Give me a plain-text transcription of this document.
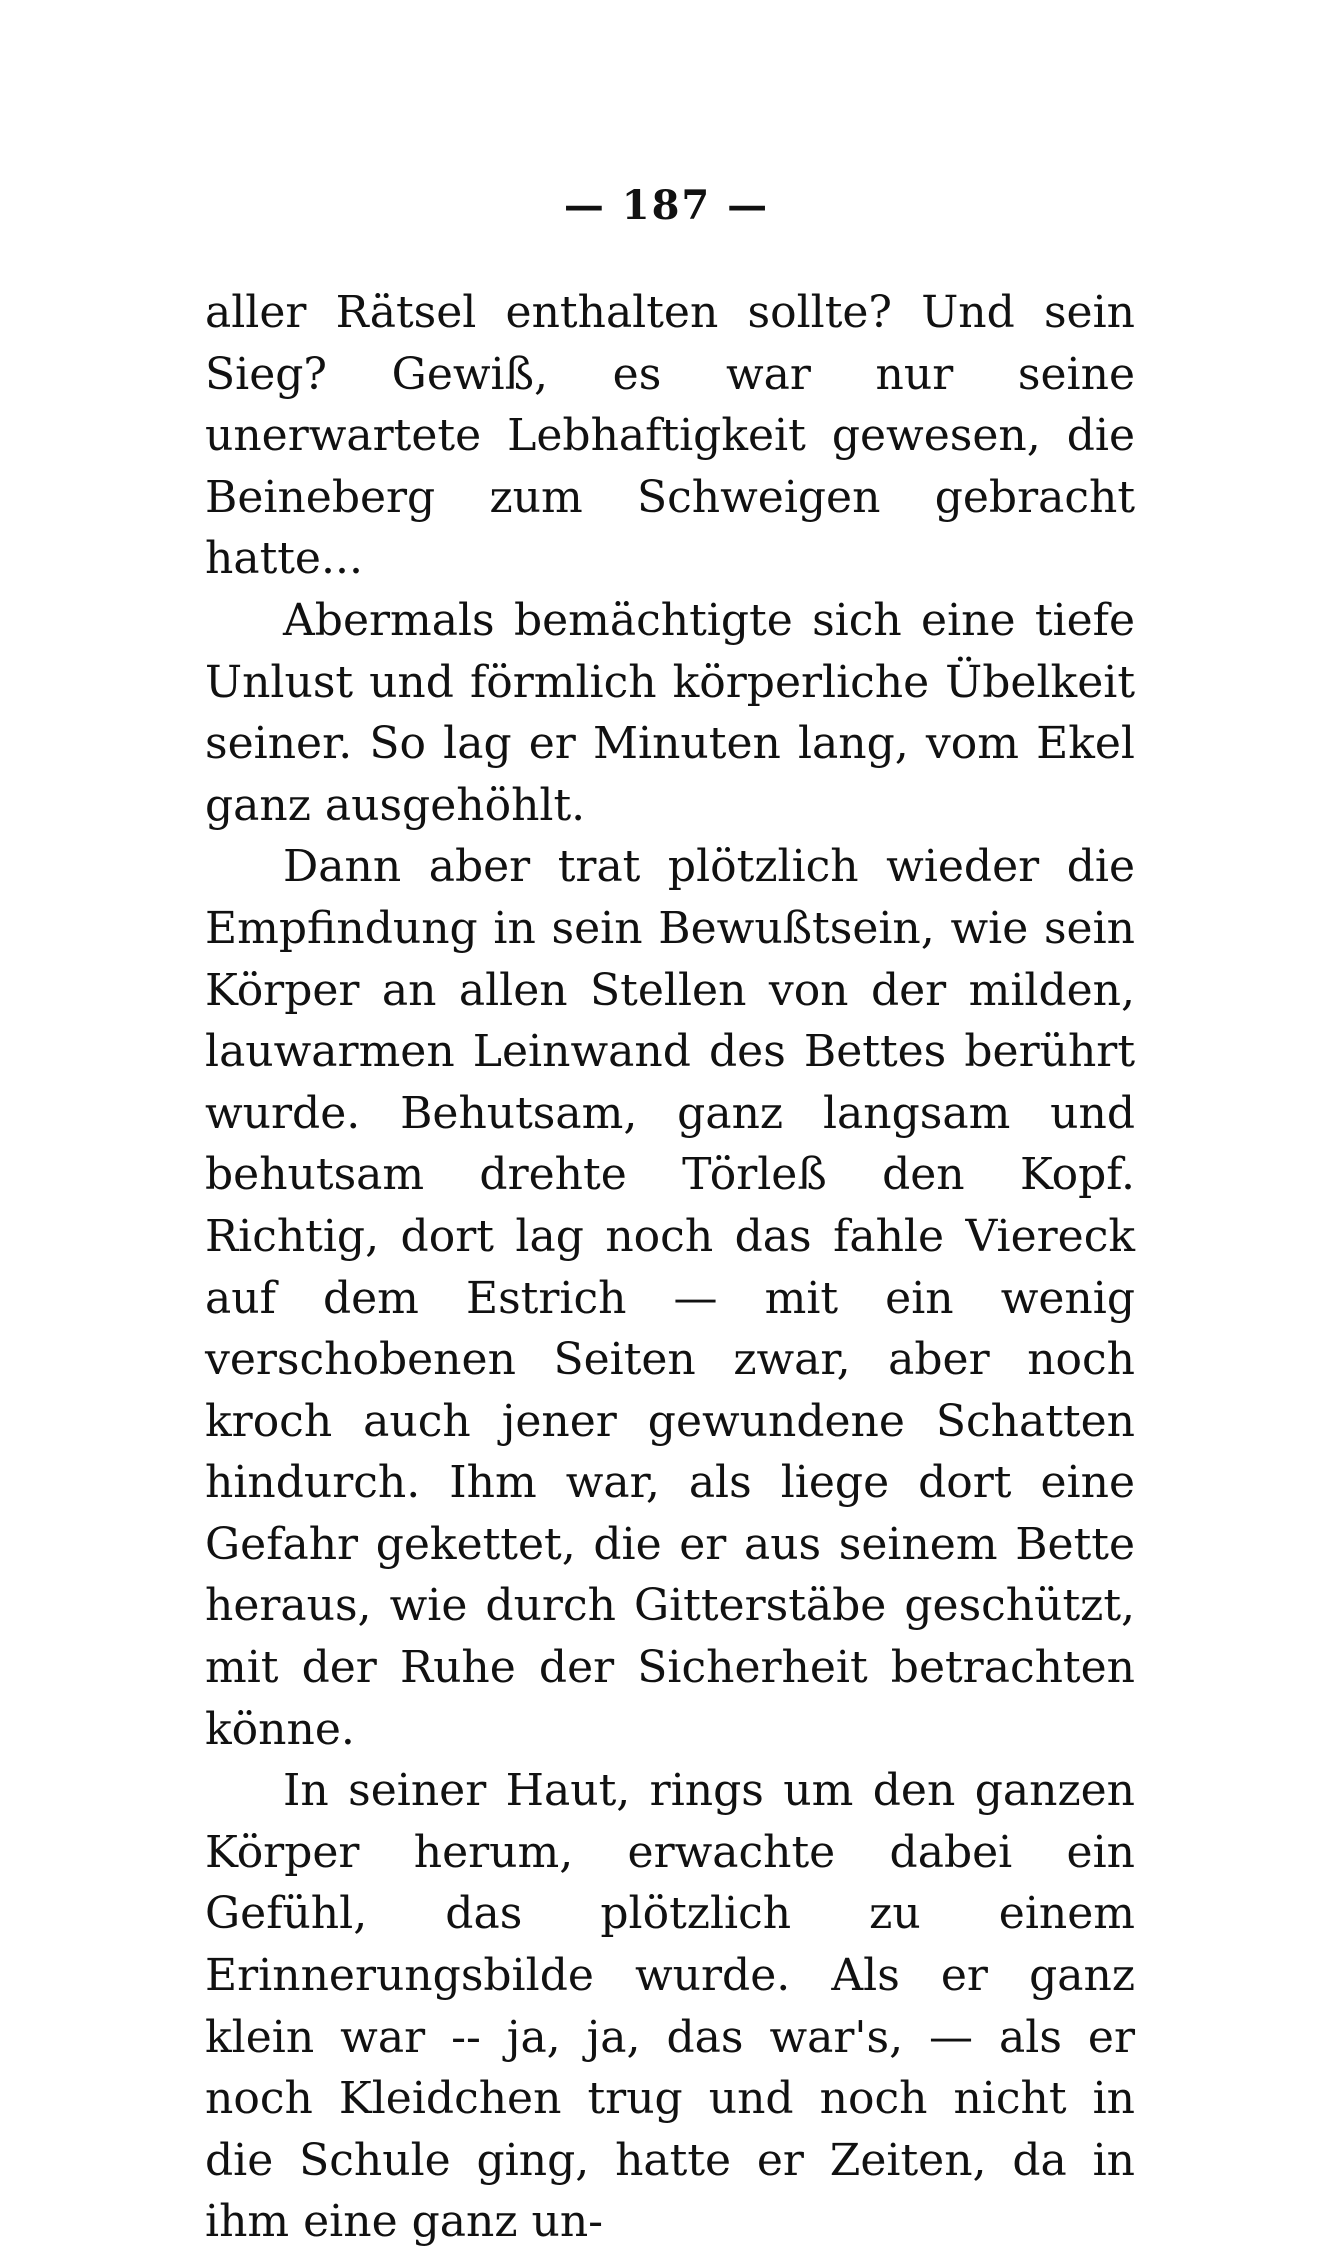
— 187 —

aller Rätsel enthalten sollte? Und sein Sieg? Gewiß, es war nur seine unerwartete Lebhaftigkeit gewesen, die Beineberg zum Schweigen gebracht hatte...

Abermals bemächtigte sich eine tiefe Unlust und förmlich körperliche Übelkeit seiner. So lag er Minuten lang, vom Ekel ganz ausgehöhlt.

Dann aber trat plötzlich wieder die Empfindung in sein Bewußtsein, wie sein Körper an allen Stellen von der milden, lauwarmen Leinwand des Bettes berührt wurde. Behutsam, ganz langsam und behutsam drehte Törleß den Kopf. Richtig, dort lag noch das fahle Viereck auf dem Estrich — mit ein wenig verschobenen Seiten zwar, aber noch kroch auch jener gewundene Schatten hindurch. Ihm war, als liege dort eine Gefahr gekettet, die er aus seinem Bette heraus, wie durch Gitterstäbe geschützt, mit der Ruhe der Sicherheit betrachten könne.

In seiner Haut, rings um den ganzen Körper herum, erwachte dabei ein Gefühl, das plötzlich zu einem Erinnerungsbilde wurde. Als er ganz klein war -- ja, ja, das war's, — als er noch Kleidchen trug und noch nicht in die Schule ging, hatte er Zeiten, da in ihm eine ganz un-
